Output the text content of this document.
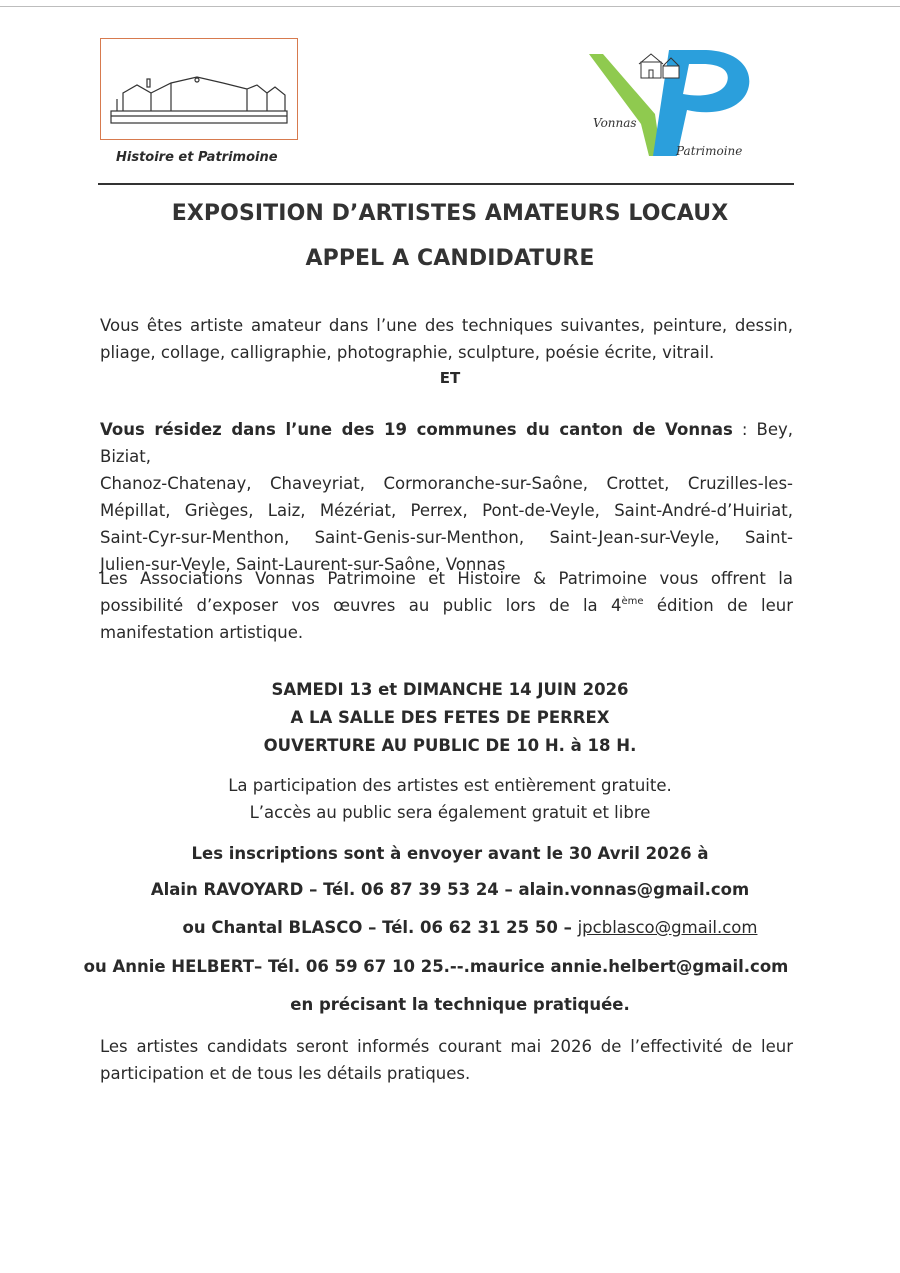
Histoire et Patrimoine
Vonnas
Patrimoine
EXPOSITION D’ARTISTES AMATEURS LOCAUX
APPEL A CANDIDATURE
Vous êtes artiste amateur dans l’une des techniques suivantes, peinture, dessin, pliage, collage, calligraphie, photographie, sculpture, poésie écrite, vitrail.
ET
Vous résidez dans l’une des 19 communes du canton de Vonnas : Bey, Biziat,
Chanoz-Chatenay, Chaveyriat, Cormoranche-sur-Saône, Crottet, Cruzilles-les-
Mépillat, Grièges, Laiz, Mézériat, Perrex, Pont-de-Veyle, Saint-André-d’Huiriat,
Saint-Cyr-sur-Menthon, Saint-Genis-sur-Menthon, Saint-Jean-sur-Veyle, Saint-
Julien-sur-Veyle, Saint-Laurent-sur-Saône, Vonnas
Les Associations Vonnas Patrimoine et Histoire & Patrimoine vous offrent la possibilité d’exposer vos œuvres au public lors de la 4ème édition de leur manifestation artistique.
SAMEDI 13 et DIMANCHE 14 JUIN 2026
A LA SALLE DES FETES DE PERREX
OUVERTURE AU PUBLIC DE 10 H. à 18 H.
La participation des artistes est entièrement gratuite.
L’accès au public sera également gratuit et libre
Les inscriptions sont à envoyer avant le 30 Avril 2026 à
Alain RAVOYARD – Tél. 06 87 39 53 24 – alain.vonnas@gmail.com
ou Chantal BLASCO – Tél. 06 62 31 25 50 – jpcblasco@gmail.com
ou Annie HELBERT– Tél. 06 59 67 10 25.--.maurice annie.helbert@gmail.com
en précisant la technique pratiquée.
Les artistes candidats seront informés courant mai 2026 de l’effectivité de leur participation et de tous les détails pratiques.
